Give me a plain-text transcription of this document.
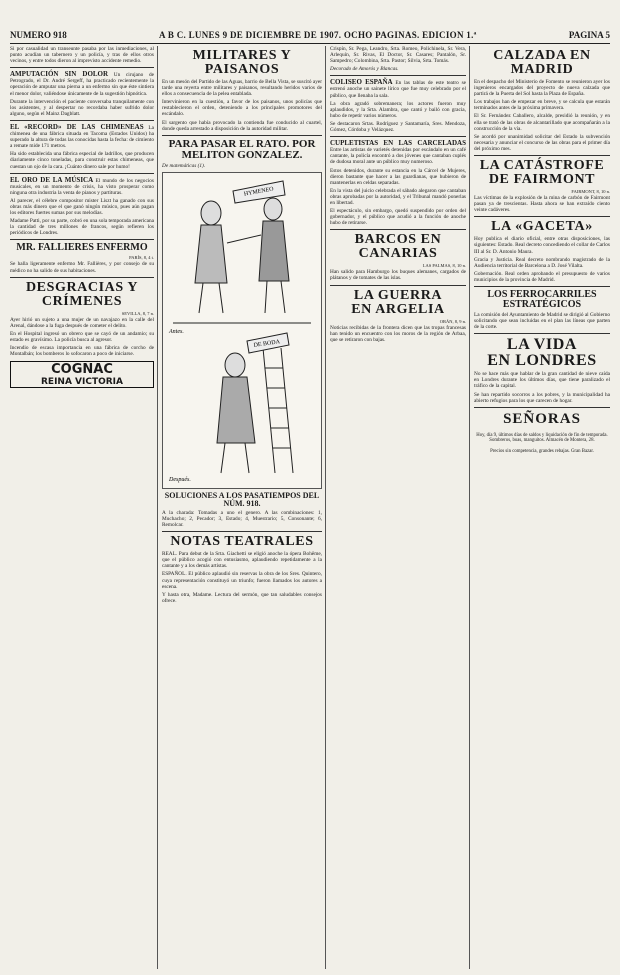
NUMERO 918	A B C. LUNES 9 DE DICIEMBRE DE 1907. OCHO PAGINAS. EDICION 1.ª	PAGINA 5

Si por casualidad un transeunte pasaba por las inmediaciones, al punto acudían un tabernero y un policía, y tras de ellos otros vecinos, y entre todos dieron al imprevisto accidente remedio.

AMPUTACIÓN SIN DOLOR Un cirujano de Petrogrado, el Dr. André Sergeff, ha practicado recientemente la operación de amputar una pierna a un enfermo sin que éste sintiera el menor dolor, valiéndose únicamente de la sugestión hipnótica.

Durante la intervención el paciente conversaba tranquilamente con los asistentes, y al despertar no recordaba haber sufrido dolor alguno, según el Mainz Dagblatt.

EL «RECORD» DE LAS CHIMENEAS La chimenea de una fábrica situada en Tacoma (Estados Unidos) ha superado la altura de todas las conocidas hasta la fecha: de cimiento a remate mide 171 metros.

Ha sido establecida una fábrica especial de ladrillos, que producen diariamente cinco toneladas, para construir estas chimeneas, que cuestan un ojo de la cara. ¡Cuánto dinero sale por humo!

EL ORO DE LA MÚSICA El mundo de los negocios musicales, en un momento de crisis, ha visto prosperar como ninguna otra industria la venta de pianos y partituras.

Al parecer, el célebre compositor mister Liszt ha ganado con sus obras más dinero que el que ganó ningún músico, pues aún pagan los editores fuertes sumas por sus melodías.

Madame Patti, por su parte, cobró en una sola temporada americana la cantidad de tres millones de francos, según refieren los periódicos de Londres.

MR. FALLIERES ENFERMO

PARÍS, 8, 4 t.

Se halla ligeramente enfermo Mr. Fallières, y por consejo de su médico no ha salido de sus habitaciones.

DESGRACIAS Y CRÍMENES

SEVILLA, 8, 7 n.

Ayer hirió un sujeto a una mujer de un navajazo en la calle del Arenal, dándose a la fuga después de cometer el delito.

En el Hospital ingresó un obrero que se cayó de un andamio; su estado es gravísimo. La policía busca al agresor.

Incendio de escasa importancia en una fábrica de corcho de Montalbán; los bomberos lo sofocaron a poco de iniciarse.

COGNAC
REINA VICTORIA
MILITARES Y PAISANOS

En un mesón del Partido de las Aguas, barrio de Bella Vista, se suscitó ayer tarde una reyerta entre militares y paisanos, resultando heridos varios de ellos a consecuencia de la pelea entablada.

Intervinieron en la cuestión, a favor de los paisanos, unos policías que restablecieron el orden, deteniendo a los principales promotores del escándalo.

El sargento que había provocado la contienda fue conducido al cuartel, donde queda arrestado a disposición de la autoridad militar.

PARA PASAR EL RATO. POR MELITON GONZALEZ.

De matemáticas (1).

HYMENEO
Antes.
DE BODA
Después.
SOLUCIONES A LOS PASATIEMPOS DEL NÚM. 918.

A la charada: Tomadas a uno el genero. A las combinaciones: 1, Muchacho; 2, Pecador; 3, Estado; 4, Muestrario; 5, Consonante; 6, Remolcar.

NOTAS TEATRALES

REAL. Para debut de la Srta. Giachetti se eligió anoche la ópera Bohême, que el público acogió con entusiasmo, aplaudiendo repetidamente a la cantante y a los demás artistas.

ESPAÑOL. El público aplaudió sin reservas la obra de los Sres. Quintero, cuya representación constituyó un triunfo; fueron llamados los autores a escena.

Y hasta otra, Madame. Lectura del sermón, que tan saludables consejos ofrece.

Crispín, Sr. Pega, Leandro, Srta. Romeo, Polichinela, Sr. Vera, Arlequín, Sr. Rivas, El Doctor, Sr. Casares; Pantalón, Sr. Sampedro; Colombina, Srta. Pastor; Silvia, Srta. Tomás.

Decorado de Amorós y Blancas.

COLISEO ESPAÑA En las tablas de este teatro se estrenó anoche un sainete lírico que fue muy celebrado por el público, que llenaba la sala.

La obra agradó sobremanera; los actores fueron muy aplaudidos, y la Srta. Alambra, que cantó y bailó con gracia, hubo de repetir varios números.

Se destacaron Srtas. Rodríguez y Santamaría, Sres. Mendoza, Gómez, Córdoba y Velázquez.

CUPLETISTAS EN LAS CARCELADAS Entre las artistas de varietés detenidas por escándalo en un café cantante, la policía encontró a dos jóvenes que cantaban cuplés de dudosa moral ante un público muy numeroso.

Estos detenidos, durante su estancia en la Cárcel de Mujeres, dieron bastante que hacer a las guardianas, que hubieron de mantenerlas en celdas separadas.

En la vista del juicio celebrada el sábado alegaron que cantaban obras aprobadas por la autoridad, y el Tribunal mandó ponerlas en libertad.

El espectáculo, sin embargo, quedó suspendido por orden del gobernador, y el público que acudió a la función de anoche hubo de retirarse.

BARCOS EN CANARIAS

LAS PALMAS, 8, 10 n.

Han salido para Hamburgo los buques alemanes, cargados de plátanos y de tomates de las islas.

LA GUERRA
EN ARGELIA

ORÁN, 8, 9 n.

Noticias recibidas de la frontera dicen que las tropas francesas han tenido un encuentro con los moros de la región de Arbaa, que se retiraron con bajas.

CALZADA EN MADRID

En el despacho del Ministerio de Fomento se reunieron ayer los ingenieros encargados del proyecto de nueva calzada que partirá de la Puerta del Sol hasta la Plaza de España.

Los trabajos han de empezar en breve, y se calcula que estarán terminados antes de la próxima primavera.

El Sr. Fernández Caballero, alcalde, presidió la reunión, y en ella se trató de las obras de alcantarillado que acompañarán a la construcción de la vía.

Se acordó por unanimidad solicitar del Estado la subvención necesaria y anunciar el concurso de las obras para el primer día del próximo mes.

LA CATÁSTROFE DE FAIRMONT

FAIRMONT, 8, 10 n.

Las víctimas de la explosión de la mina de carbón de Fairmont pasan ya de trescientas. Hasta ahora se han extraído ciento veinte cadáveres.

LA «GACETA»

Hoy publica el diario oficial, entre otras disposiciones, las siguientes: Estado. Real decreto concediendo el collar de Carlos III al Sr. D. Antonio Maura.

Gracia y Justicia. Real decreto nombrando magistrado de la Audiencia territorial de Barcelona a D. José Vilalta.

Gobernación. Real orden aprobando el presupuesto de varios municipios de la provincia de Madrid.

LOS FERROCARRILES ESTRATÉGICOS

La comisión del Ayuntamiento de Madrid se dirigió al Gobierno solicitando que sean incluidas en el plan las líneas que parten de la corte.

LA VIDA
EN LONDRES

No se hace más que hablar de la gran cantidad de nieve caída en Londres durante los últimos días, que tiene paralizado el tráfico de la capital.

Se han repartido socorros a los pobres, y la municipalidad ha abierto refugios para los que carecen de hogar.

SEÑORAS

Hoy, día 9, últimos días de saldos y liquidación de fin de temporada. Sombreros, boas, manguitos. Almacén de Montera, 28.

Precios sin competencia, grandes rebajas. Gran Bazar.
